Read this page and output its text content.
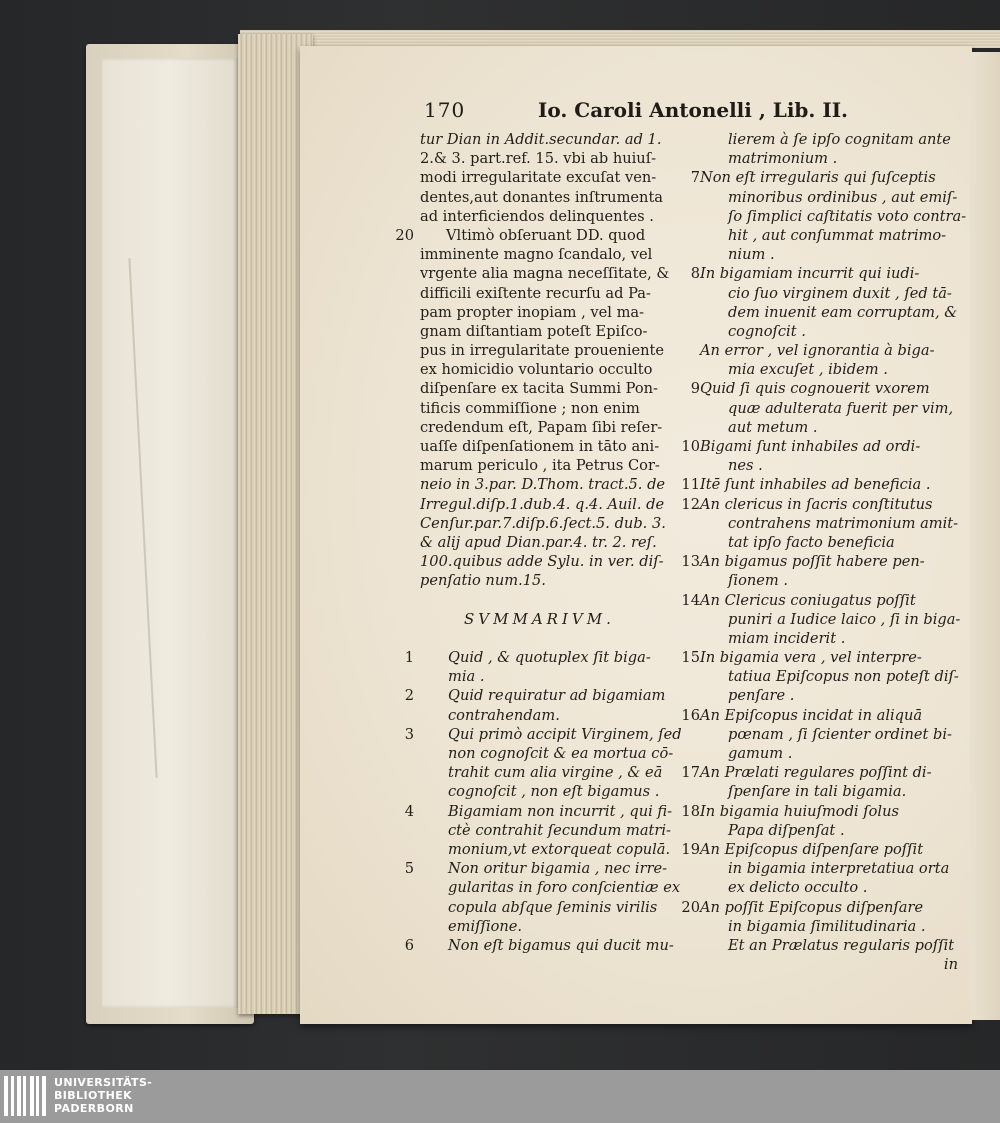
170	Io. Caroli Antonelli , Lib. II.
tur Dian in Addit.secundar. ad 1.
2.& 3. part.ref. 15. vbi ab huiuſ-
modi irregularitate excuſat ven-
dentes,aut donantes inſtrumenta
ad interficiendos delinquentes .
20 Vltimò obſeruant DD. quod
imminente magno ſcandalo, vel
vrgente alia magna neceſſitate, &
difficili exiſtente recurſu ad Pa-
pam propter inopiam , vel ma-
gnam diſtantiam poteſt Epiſco-
pus in irregularitate proueniente
ex homicidio voluntario occulto
diſpenſare ex tacita Summi Pon-
tificis commiſſione ; non enim
credendum eſt, Papam ſibi reſer-
uaſſe diſpenſationem in tāto ani-
marum periculo , ita Petrus Cor-
neio in 3.par. D.Thom. tract.5. de
Irregul.diſp.1.dub.4. q.4. Auil. de
Cenſur.par.7.diſp.6.ſect.5. dub. 3.
& alij apud Dian.par.4. tr. 2. reſ.
100.quibus adde Sylu. in ver. diſ-
penſatio num.15.
SVMMARIVM.
1 Quid , & quotuplex ſit biga-
mia .
2 Quid requiratur ad bigamiam
contrahendam.
3 Qui primò accipit Virginem, ſed
non cognoſcit & ea mortua cō-
trahit cum alia virgine , & eā
cognoſcit , non eſt bigamus .
4 Bigamiam non incurrit , qui fi-
ctè contrahit ſecundum matri-
monium,vt extorqueat copulā.
5 Non oritur bigamia , nec irre-
gularitas in foro conſcientiæ ex
copula abſque ſeminis virilis
emiſſione.
6 Non eſt bigamus qui ducit mu-
lierem à ſe ipſo cognitam ante
matrimonium .
7 Non eſt irregularis qui ſuſceptis
minoribus ordinibus , aut emiſ-
ſo ſimplici caſtitatis voto contra-
hit , aut conſummat matrimo-
nium .
8 In bigamiam incurrit qui iudi-
cio ſuo virginem duxit , ſed tā-
dem inuenit eam corruptam, &
cognoſcit .
An error , vel ignorantia à biga-
mia excuſet , ibidem .
9 Quid ſi quis cognouerit vxorem
quæ adulterata fuerit per vim,
aut metum .
10 Bigami ſunt inhabiles ad ordi-
nes .
11 Itē ſunt inhabiles ad beneficia .
12 An clericus in ſacris conſtitutus
contrahens matrimonium amit-
tat ipſo facto beneficia
13 An bigamus poſſit habere pen-
ſionem .
14 An Clericus coniugatus poſſit
puniri a Iudice laico , ſi in biga-
miam inciderit .
15 In bigamia vera , vel interpre-
tatiua Epiſcopus non poteſt diſ-
penſare .
16 An Epiſcopus incidat in aliquā
pœnam , ſi ſcienter ordinet bi-
gamum .
17 An Prælati regulares poſſint di-
ſpenſare in tali bigamia.
18 In bigamia huiuſmodi ſolus
Papa diſpenſat .
19 An Epiſcopus diſpenſare poſſit
in bigamia interpretatiua orta
ex delicto occulto .
20 An poſſit Epiſcopus diſpenſare
in bigamia ſimilitudinaria .
Et an Prælatus regularis poſſit
in
UNIVERSITÄTS-
BIBLIOTHEK
PADERBORN
